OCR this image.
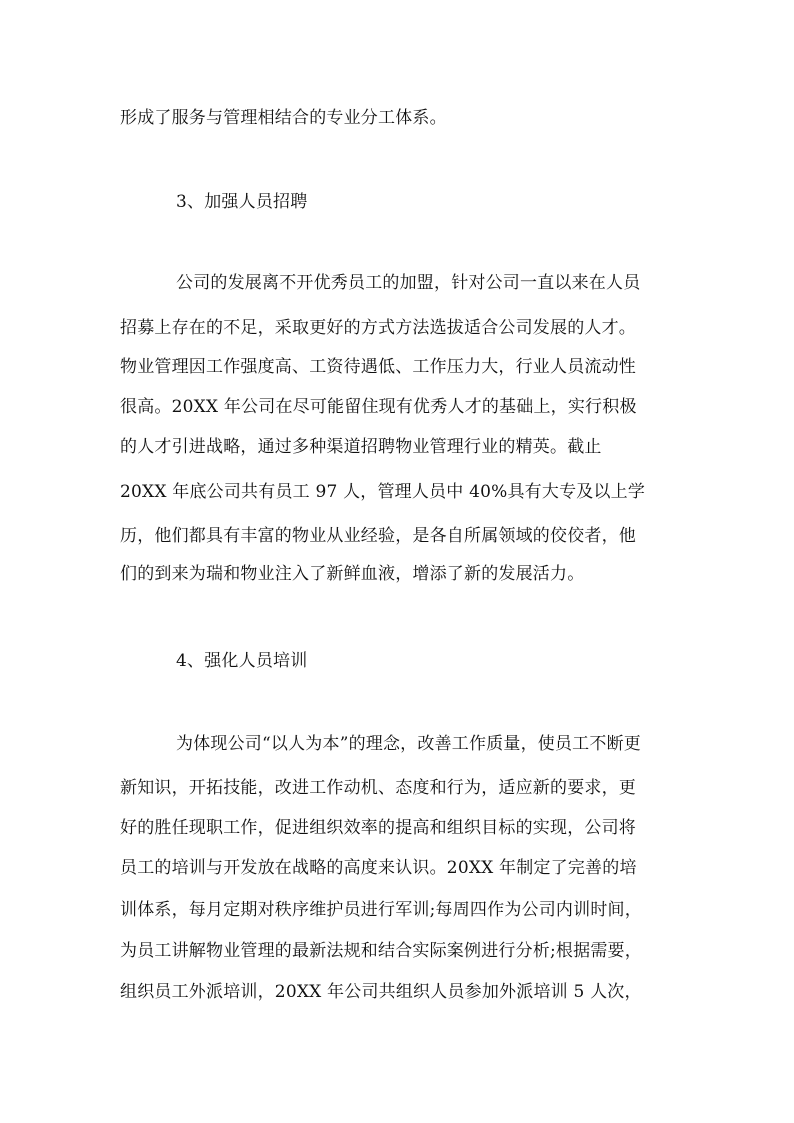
形成了服务与管理相结合的专业分工体系。
3、加强人员招聘
公司的发展离不开优秀员工的加盟，针对公司一直以来在人员
招募上存在的不足，采取更好的方式方法选拔适合公司发展的人才。
物业管理因工作强度高、工资待遇低、工作压力大，行业人员流动性
很高。20XX 年公司在尽可能留住现有优秀人才的基础上，实行积极
的人才引进战略，通过多种渠道招聘物业管理行业的精英。截止
20XX 年底公司共有员工 97 人，管理人员中 40%具有大专及以上学
历，他们都具有丰富的物业从业经验，是各自所属领域的佼佼者，他
们的到来为瑞和物业注入了新鲜血液，增添了新的发展活力。
4、强化人员培训
为体现公司“以人为本”的理念，改善工作质量，使员工不断更
新知识，开拓技能，改进工作动机、态度和行为，适应新的要求，更
好的胜任现职工作，促进组织效率的提高和组织目标的实现，公司将
员工的培训与开发放在战略的高度来认识。20XX 年制定了完善的培
训体系，每月定期对秩序维护员进行军训;每周四作为公司内训时间，
为员工讲解物业管理的最新法规和结合实际案例进行分析;根据需要，
组织员工外派培训，20XX 年公司共组织人员参加外派培训 5 人次，
